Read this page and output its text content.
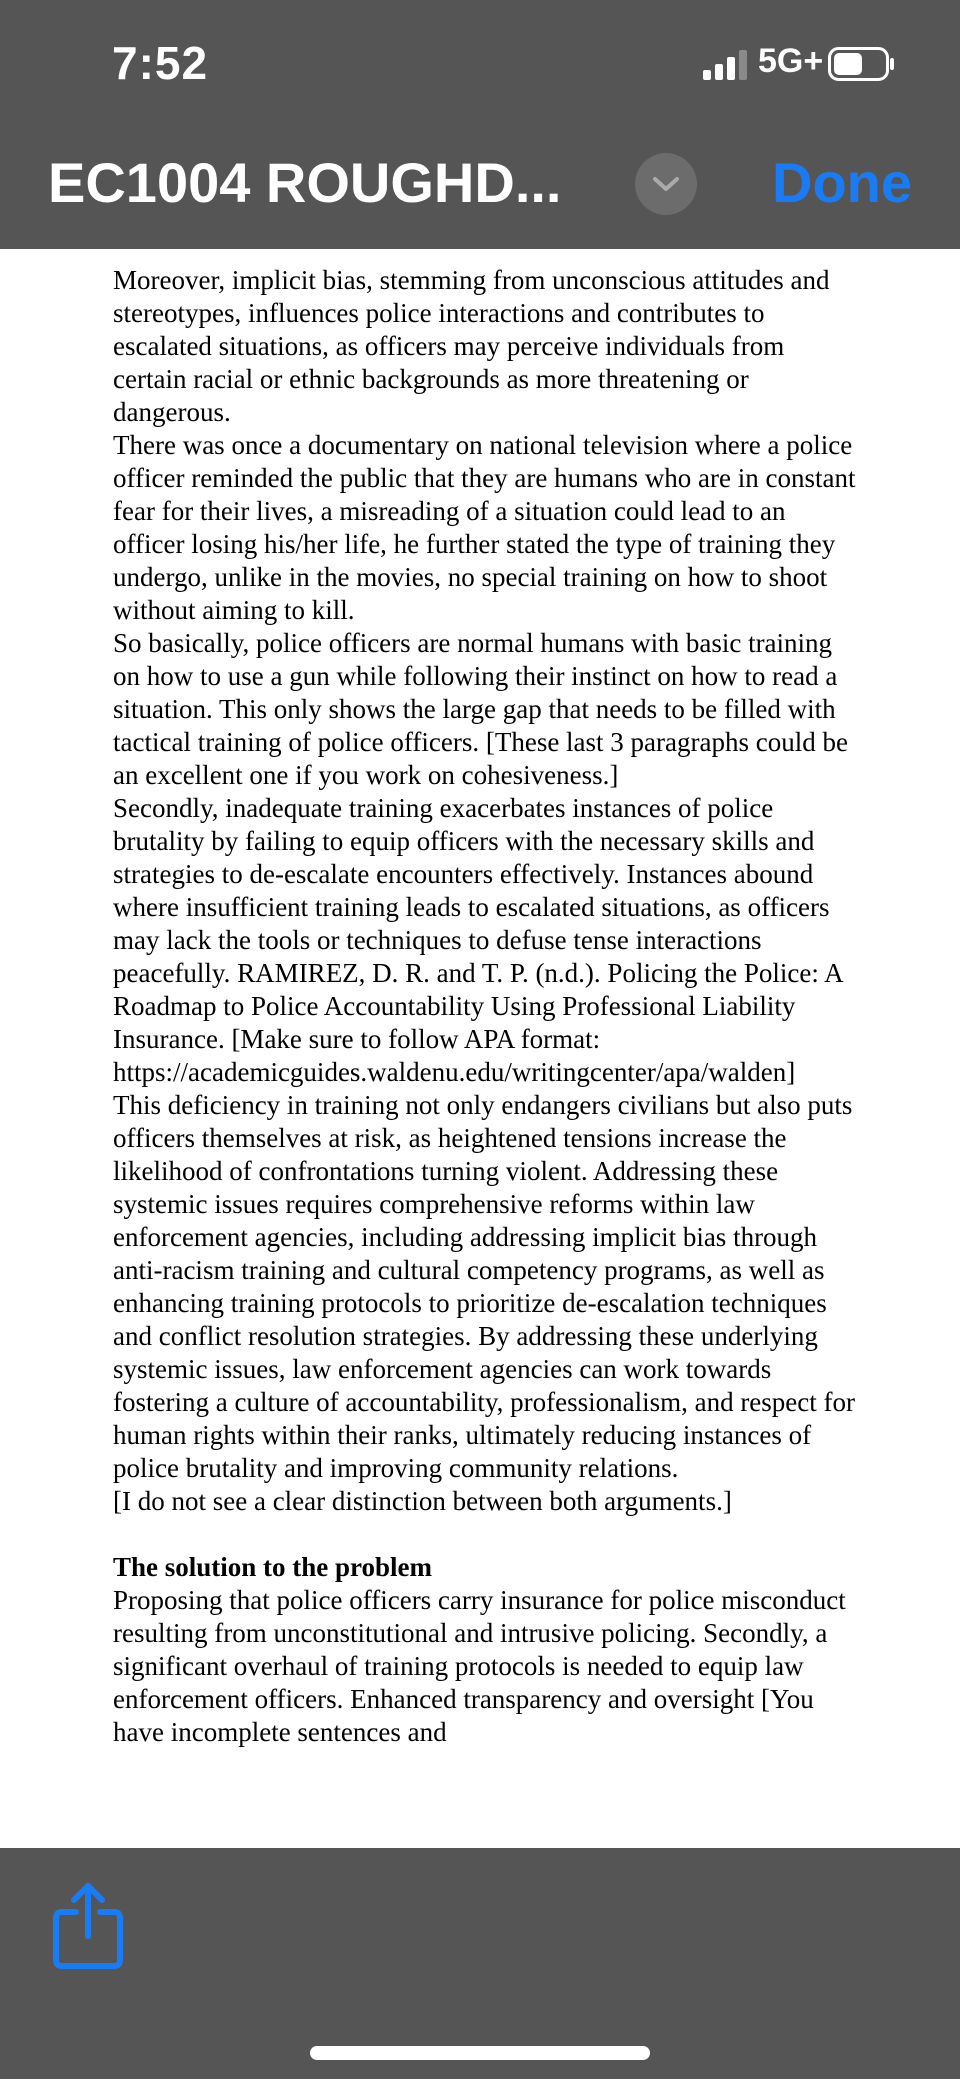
7:52	5G+
EC1004 ROUGHD...	Done

Moreover, implicit bias, stemming from unconscious attitudes and stereotypes, influences police interactions and contributes to escalated situations, as officers may perceive individuals from certain racial or ethnic backgrounds as more threatening or dangerous.

There was once a documentary on national television where a police officer reminded the public that they are humans who are in constant fear for their lives, a misreading of a situation could lead to an officer losing his/her life, he further stated the type of training they undergo, unlike in the movies, no special training on how to shoot without aiming to kill.

So basically, police officers are normal humans with basic training on how to use a gun while following their instinct on how to read a situation. This only shows the large gap that needs to be filled with tactical training of police officers. [These last 3 paragraphs could be an excellent one if you work on cohesiveness.]

Secondly, inadequate training exacerbates instances of police brutality by failing to equip officers with the necessary skills and strategies to de-escalate encounters effectively. Instances abound where insufficient training leads to escalated situations, as officers may lack the tools or techniques to defuse tense interactions peacefully. RAMIREZ, D. R. and T. P. (n.d.). Policing the Police: A Roadmap to Police Accountability Using Professional Liability Insurance. [Make sure to follow APA format:

https://academicguides.waldenu.edu/writingcenter/apa/walden]

This deficiency in training not only endangers civilians but also puts officers themselves at risk, as heightened tensions increase the likelihood of confrontations turning violent. Addressing these systemic issues requires comprehensive reforms within law enforcement agencies, including addressing implicit bias through anti-racism training and cultural competency programs, as well as enhancing training protocols to prioritize de-escalation techniques and conflict resolution strategies. By addressing these underlying systemic issues, law enforcement agencies can work towards fostering a culture of accountability, professionalism, and respect for human rights within their ranks, ultimately reducing instances of police brutality and improving community relations.

[I do not see a clear distinction between both arguments.]

The solution to the problem

Proposing that police officers carry insurance for police misconduct resulting from unconstitutional and intrusive policing. Secondly, a significant overhaul of training protocols is needed to equip law enforcement officers. Enhanced transparency and oversight [You have incomplete sentences and
